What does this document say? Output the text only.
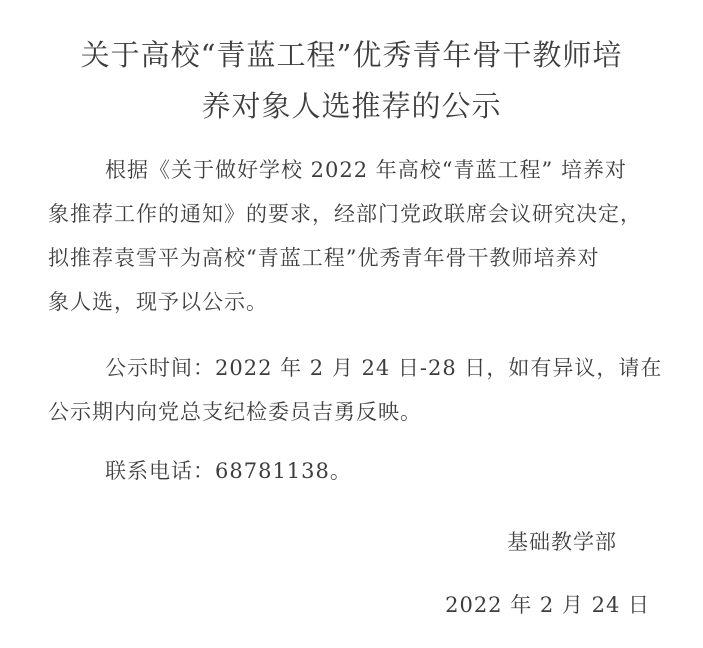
关于高校“青蓝工程”优秀青年骨干教师培
养对象人选推荐的公示
根据《关于做好学校 2022 年高校“青蓝工程” 培养对
象推荐工作的通知》的要求，经部门党政联席会议研究决定，
拟推荐袁雪平为高校“青蓝工程”优秀青年骨干教师培养对
象人选，现予以公示。
公示时间：2022 年 2 月 24 日-28 日，如有异议，请在
公示期内向党总支纪检委员吉勇反映。
联系电话：68781138。
基础教学部
2022 年 2 月 24 日
